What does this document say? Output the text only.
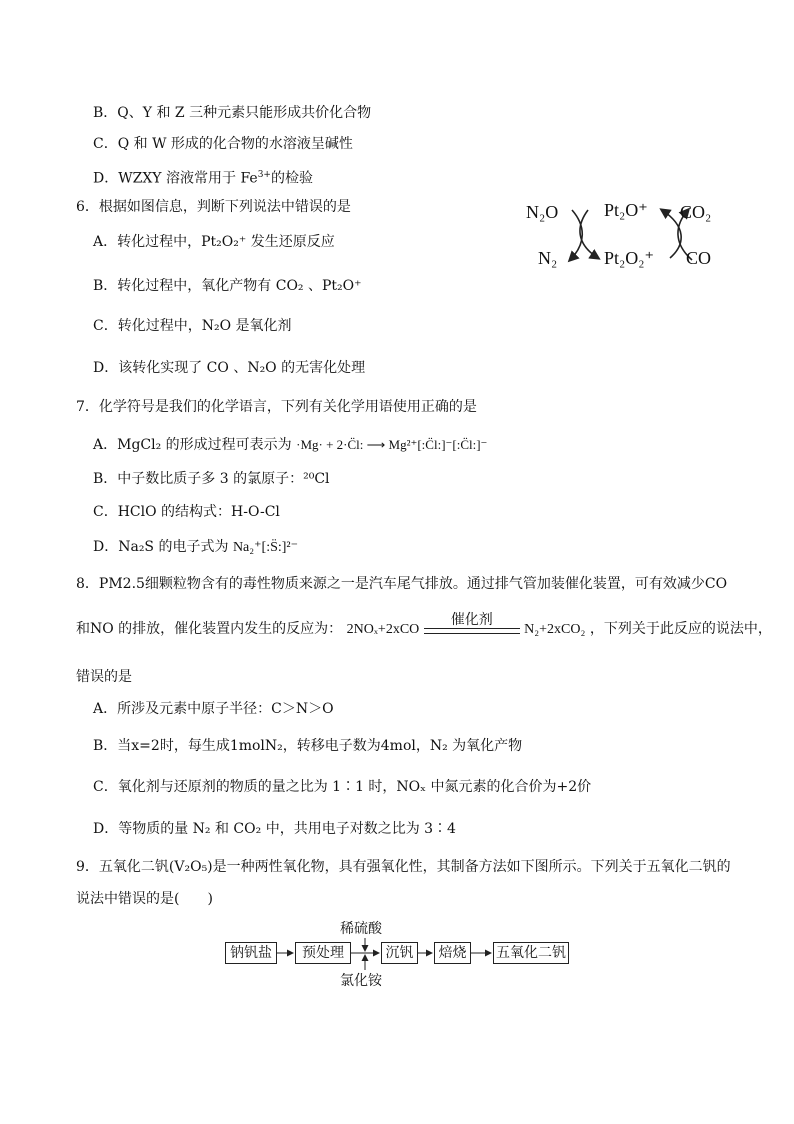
B．Q、Y 和 Z 三种元素只能形成共价化合物
C．Q 和 W 形成的化合物的水溶液呈碱性
D．WZXY 溶液常用于 $Fe^{3+}$的检验
6．根据如图信息，判断下列说法中错误的是
A．转化过程中，Pt₂O₂⁺ 发生还原反应
B．转化过程中，氧化产物有 CO₂ 、Pt₂O⁺
C．转化过程中，N₂O 是氧化剂
D．该转化实现了 CO 、N₂O 的无害化处理
N₂O	Pt₂O⁺ CO₂
N₂	Pt₂O₂⁺ CO
7．化学符号是我们的化学语言，下列有关化学用语使用正确的是
A．MgCl₂ 的形成过程可表示为 ·Mg· + 2·C̈l: ⟶ Mg²⁺[:C̈l:]⁻[:C̈l:]⁻
B．中子数比质子多 3 的氯原子：²⁰Cl
C．HClO 的结构式：H-O-Cl
D．Na₂S 的电子式为 Na₂⁺[:S̈:]²⁻
8．PM2.5细颗粒物含有的毒性物质来源之一是汽车尾气排放。通过排气管加装催化装置，可有效减少CO
和NO 的排放，催化装置内发生的反应为： 2NOₓ+2xCO
催化剂
N₂+2xCO₂ ，下列关于此反应的说法中，
错误的是
A．所涉及元素中原子半径：C＞N＞O
B．当x=2时，每生成1molN₂，转移电子数为4mol，N₂ 为氧化产物
C．氧化剂与还原剂的物质的量之比为 1∶1 时，NOₓ 中氮元素的化合价为+2价
D．等物质的量 N₂ 和 CO₂ 中，共用电子对数之比为 3∶4
9．五氧化二钒(V₂O₅)是一种两性氧化物，具有强氧化性，其制备方法如下图所示。下列关于五氧化二钒的
说法中错误的是(　　)
稀硫酸
氯化铵
钠钒盐	预处理	沉钒	焙烧	五氧化二钒
